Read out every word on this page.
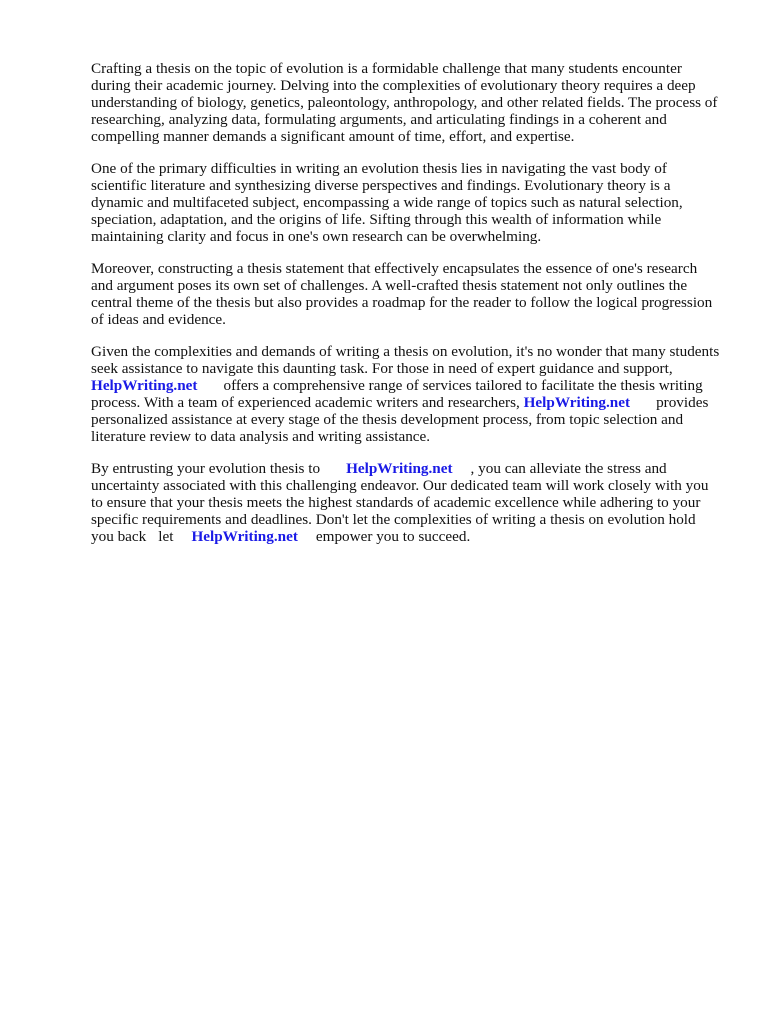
Crafting a thesis on the topic of evolution is a formidable challenge that many students encounter during their academic journey. Delving into the complexities of evolutionary theory requires a deep understanding of biology, genetics, paleontology, anthropology, and other related fields. The process of researching, analyzing data, formulating arguments, and articulating findings in a coherent and compelling manner demands a significant amount of time, effort, and expertise.

One of the primary difficulties in writing an evolution thesis lies in navigating the vast body of scientific literature and synthesizing diverse perspectives and findings. Evolutionary theory is a dynamic and multifaceted subject, encompassing a wide range of topics such as natural selection, speciation, adaptation, and the origins of life. Sifting through this wealth of information while maintaining clarity and focus in one's own research can be overwhelming.

Moreover, constructing a thesis statement that effectively encapsulates the essence of one's research and argument poses its own set of challenges. A well-crafted thesis statement not only outlines the central theme of the thesis but also provides a roadmap for the reader to follow the logical progression of ideas and evidence.

Given the complexities and demands of writing a thesis on evolution, it's no wonder that many students seek assistance to navigate this daunting task. For those in need of expert guidance and support,HelpWriting.net offers a comprehensive range of services tailored to facilitate the thesis writing process. With a team of experienced academic writers and researchers, HelpWriting.net provides personalized assistance at every stage of the thesis development process, from topic selection and literature review to data analysis and writing assistance.

By entrusting your evolution thesis to HelpWriting.net , you can alleviate the stress and uncertainty associated with this challenging endeavor. Our dedicated team will work closely with you to ensure that your thesis meets the highest standards of academic excellence while adhering to your specific requirements and deadlines. Don't let the complexities of writing a thesis on evolution hold you back let HelpWriting.net empower you to succeed.
